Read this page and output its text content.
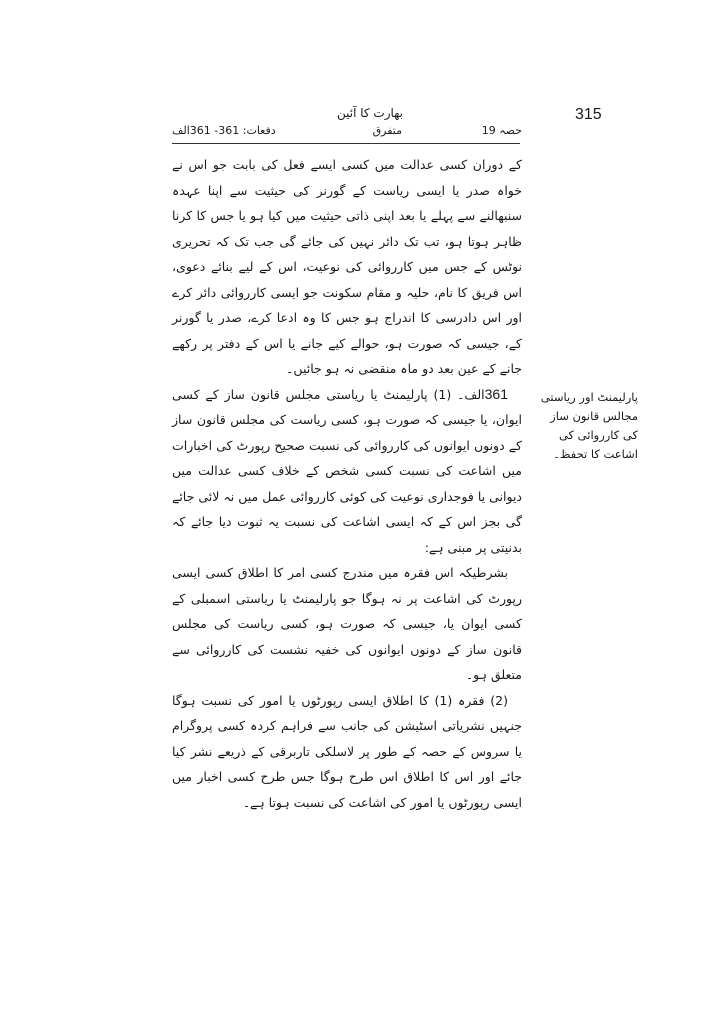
315
بھارت کا آئین
حصہ 19
متفرق
دفعات: 361- 361الف

کے دوران کسی عدالت میں کسی ایسے فعل کی بابت جو اس نے خواہ صدر یا ایسی ریاست کے گورنر کی حیثیت سے اپنا عہدہ سنبھالنے سے پہلے یا بعد اپنی ذاتی حیثیت میں کیا ہو یا جس کا کرنا ظاہر ہوتا ہو، تب تک دائر نہیں کی جائے گی جب تک کہ تحریری نوٹس کے جس میں کارروائی کی نوعیت، اس کے لیے بنائے دعوی، اس فریق کا نام، حلیہ و مقام سکونت جو ایسی کارروائی دائر کرے اور اس دادرسی کا اندراج ہو جس کا وہ ادعا کرے، صدر یا گورنر کے، جیسی کہ صورت ہو، حوالے کیے جانے یا اس کے دفتر پر رکھے جانے کے عین بعد دو ماہ منقضی نہ ہو جائیں۔

361الف۔ (1) پارلیمنٹ یا ریاستی مجلس قانون ساز کے کسی ایوان، یا جیسی کہ صورت ہو، کسی ریاست کی مجلس قانون ساز کے دونوں ایوانوں کی کارروائی کی نسبت صحیح رپورٹ کی اخبارات میں اشاعت کی نسبت کسی شخص کے خلاف کسی عدالت میں دیوانی یا فوجداری نوعیت کی کوئی کارروائی عمل میں نہ لائی جائے گی بجز اس کے کہ ایسی اشاعت کی نسبت یہ ثبوت دیا جائے کہ بدنیتی پر مبنی ہے:

بشرطیکہ اس فقرہ میں مندرج کسی امر کا اطلاق کسی ایسی رپورٹ کی اشاعت پر نہ ہوگا جو پارلیمنٹ یا ریاستی اسمبلی کے کسی ایوان یا، جیسی کہ صورت ہو، کسی ریاست کی مجلس قانون ساز کے دونوں ایوانوں کی خفیہ نشست کی کارروائی سے متعلق ہو۔

(2) فقرہ (1) کا اطلاق ایسی رپورٹوں یا امور کی نسبت ہوگا جنہیں نشریاتی اسٹیشن کی جانب سے فراہم کردہ کسی پروگرام یا سروس کے حصہ کے طور پر لاسلکی تاربرقی کے ذریعے نشر کیا جائے اور اس کا اطلاق اس طرح ہوگا جس طرح کسی اخبار میں ایسی رپورٹوں یا امور کی اشاعت کی نسبت ہوتا ہے۔

پارلیمنٹ اور ریاستی مجالس قانون ساز کی کارروائی کی اشاعت کا تحفظ۔
